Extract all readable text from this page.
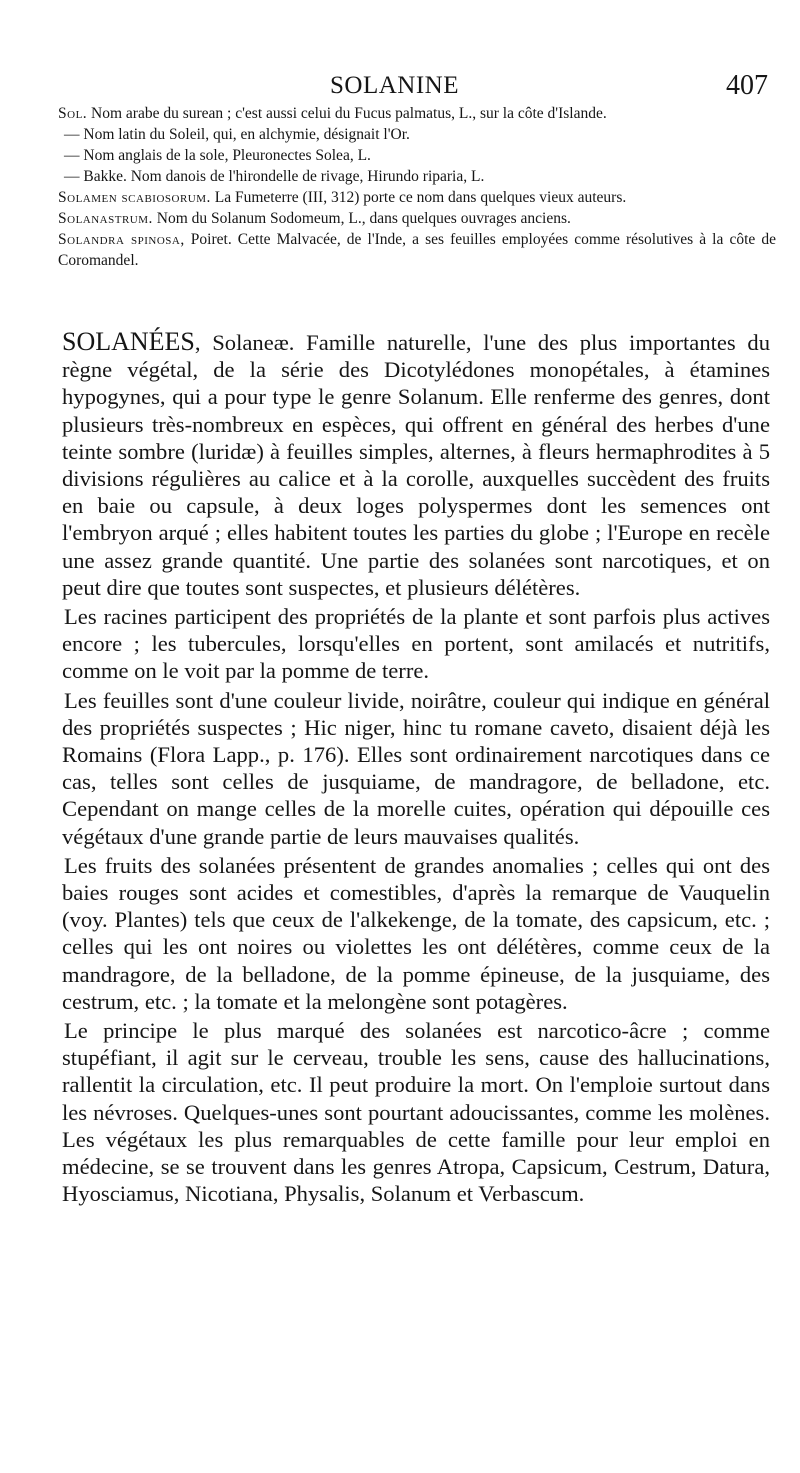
SOLANINE	407

Sol. Nom arabe du surean ; c'est aussi celui du Fucus palmatus, L., sur la côte d'Islande.

— Nom latin du Soleil, qui, en alchymie, désignait l'Or.

— Nom anglais de la sole, Pleuronectes Solea, L.

— Bakke. Nom danois de l'hirondelle de rivage, Hirundo riparia, L.

Solamen scabiosorum. La Fumeterre (III, 312) porte ce nom dans quelques vieux auteurs.

Solanastrum. Nom du Solanum Sodomeum, L., dans quelques ouvrages anciens.

Solandra spinosa, Poiret. Cette Malvacée, de l'Inde, a ses feuilles employées comme résolutives à la côte de Coromandel.

SOLANÉES, Solaneæ. Famille naturelle, l'une des plus importantes du règne végétal, de la série des Dicotylédones monopétales, à étamines hypogynes, qui a pour type le genre Solanum. Elle renferme des genres, dont plusieurs très-nombreux en espèces, qui offrent en général des herbes d'une teinte sombre (luridæ) à feuilles simples, alternes, à fleurs hermaphrodites à 5 divisions régulières au calice et à la corolle, auxquelles succèdent des fruits en baie ou capsule, à deux loges polyspermes dont les semences ont l'embryon arqué ; elles habitent toutes les parties du globe ; l'Europe en recèle une assez grande quantité. Une partie des solanées sont narcotiques, et on peut dire que toutes sont suspectes, et plusieurs délétères.

Les racines participent des propriétés de la plante et sont parfois plus actives encore ; les tubercules, lorsqu'elles en portent, sont amilacés et nutritifs, comme on le voit par la pomme de terre.

Les feuilles sont d'une couleur livide, noirâtre, couleur qui indique en général des propriétés suspectes ; Hic niger, hinc tu romane caveto, disaient déjà les Romains (Flora Lapp., p. 176). Elles sont ordinairement narcotiques dans ce cas, telles sont celles de jusquiame, de mandragore, de belladone, etc. Cependant on mange celles de la morelle cuites, opération qui dépouille ces végétaux d'une grande partie de leurs mauvaises qualités.

Les fruits des solanées présentent de grandes anomalies ; celles qui ont des baies rouges sont acides et comestibles, d'après la remarque de Vauquelin (voy. Plantes) tels que ceux de l'alkekenge, de la tomate, des capsicum, etc. ; celles qui les ont noires ou violettes les ont délétères, comme ceux de la mandragore, de la belladone, de la pomme épineuse, de la jusquiame, des cestrum, etc. ; la tomate et la melongène sont potagères.

Le principe le plus marqué des solanées est narcotico-âcre ; comme stupéfiant, il agit sur le cerveau, trouble les sens, cause des hallucinations, rallentit la circulation, etc. Il peut produire la mort. On l'emploie surtout dans les névroses. Quelques-unes sont pourtant adoucissantes, comme les molènes. Les végétaux les plus remarquables de cette famille pour leur emploi en médecine, se se trouvent dans les genres Atropa, Capsicum, Cestrum, Datura, Hyosciamus, Nicotiana, Physalis, Solanum et Verbascum.
